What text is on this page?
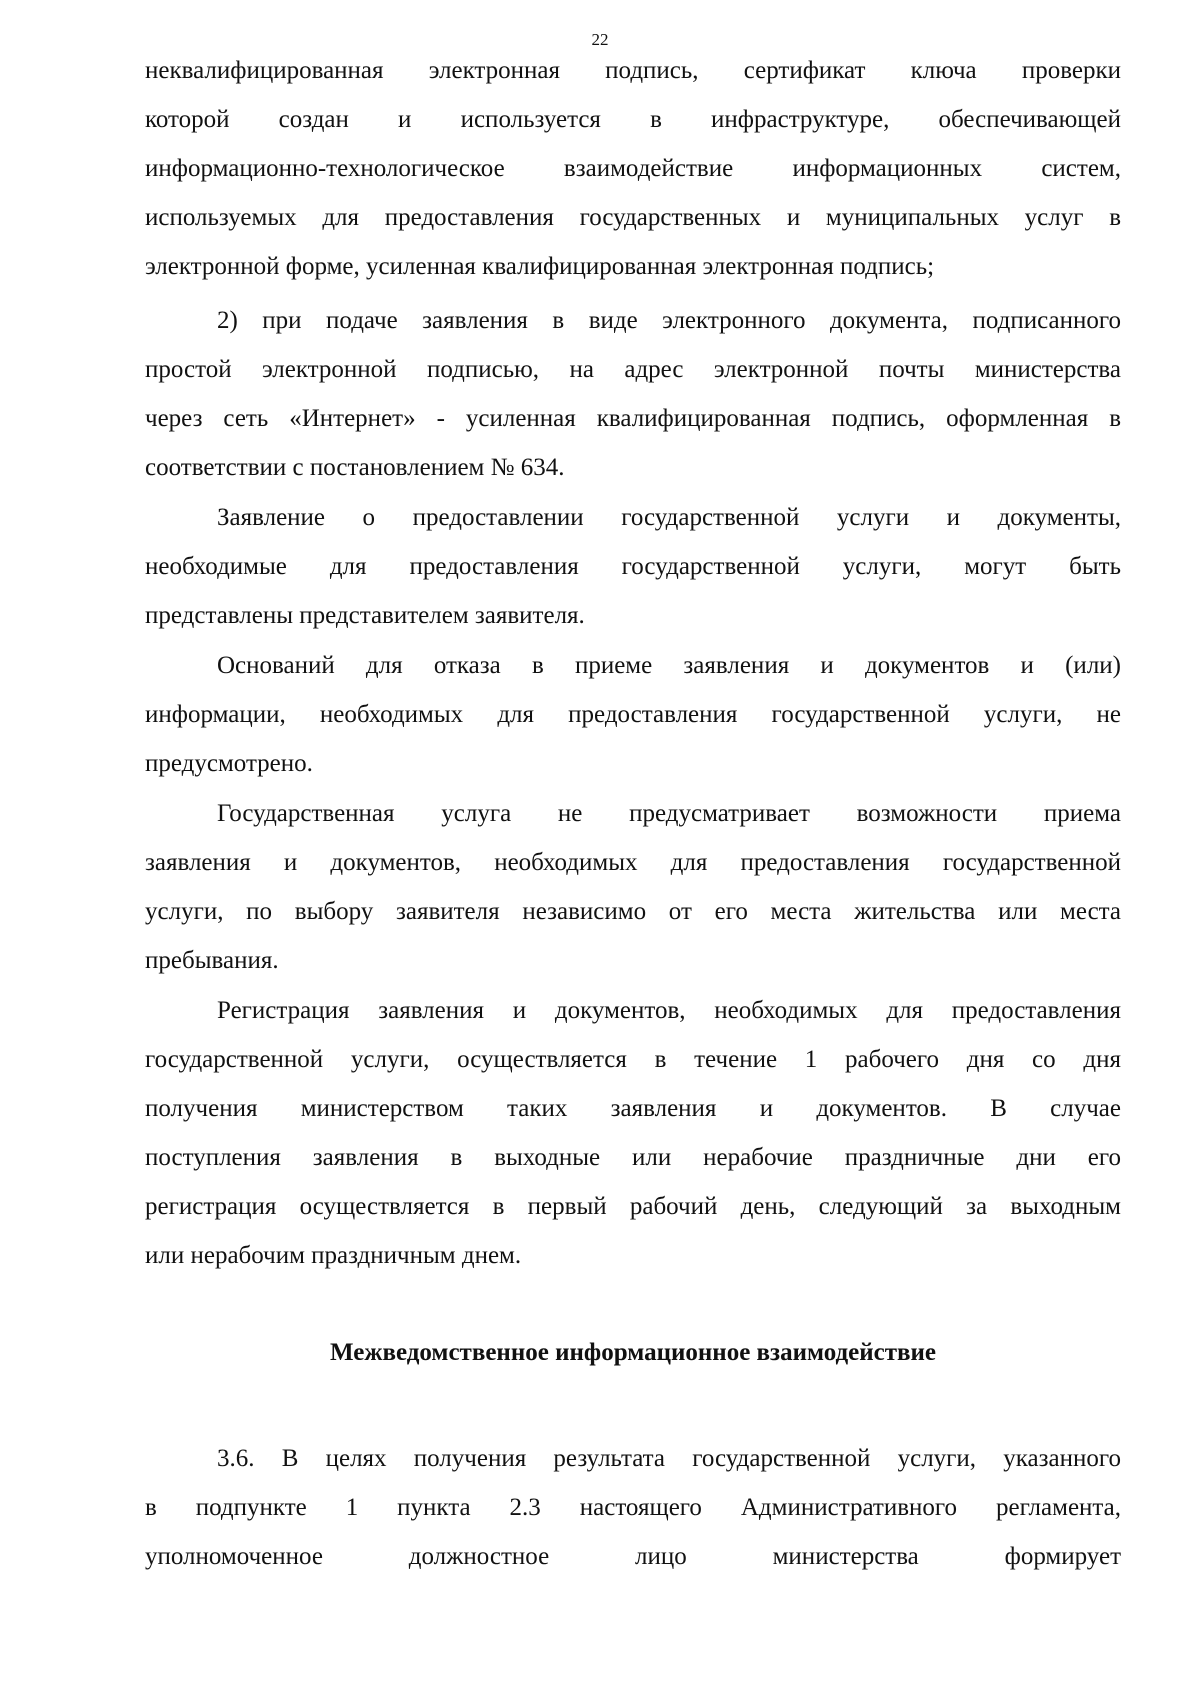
22
неквалифицированная электронная подпись, сертификат ключа проверки
которой создан и используется в инфраструктуре, обеспечивающей
информационно-технологическое взаимодействие информационных систем,
используемых для предоставления государственных и муниципальных услуг в
электронной форме, усиленная квалифицированная электронная подпись;
2) при подаче заявления в виде электронного документа, подписанного
простой электронной подписью, на адрес электронной почты министерства
через сеть «Интернет» - усиленная квалифицированная подпись, оформленная в
соответствии с постановлением № 634.
Заявление о предоставлении государственной услуги и документы,
необходимые для предоставления государственной услуги, могут быть
представлены представителем заявителя.
Оснований для отказа в приеме заявления и документов и (или)
информации, необходимых для предоставления государственной услуги, не
предусмотрено.
Государственная услуга не предусматривает возможности приема
заявления и документов, необходимых для предоставления государственной
услуги, по выбору заявителя независимо от его места жительства или места
пребывания.
Регистрация заявления и документов, необходимых для предоставления
государственной услуги, осуществляется в течение 1 рабочего дня со дня
получения министерством таких заявления и документов. В случае
поступления заявления в выходные или нерабочие праздничные дни его
регистрация осуществляется в первый рабочий день, следующий за выходным
или нерабочим праздничным днем.
Межведомственное информационное взаимодействие
3.6. В целях получения результата государственной услуги, указанного
в подпункте 1 пункта 2.3 настоящего Административного регламента,
уполномоченное должностное лицо министерства формирует
